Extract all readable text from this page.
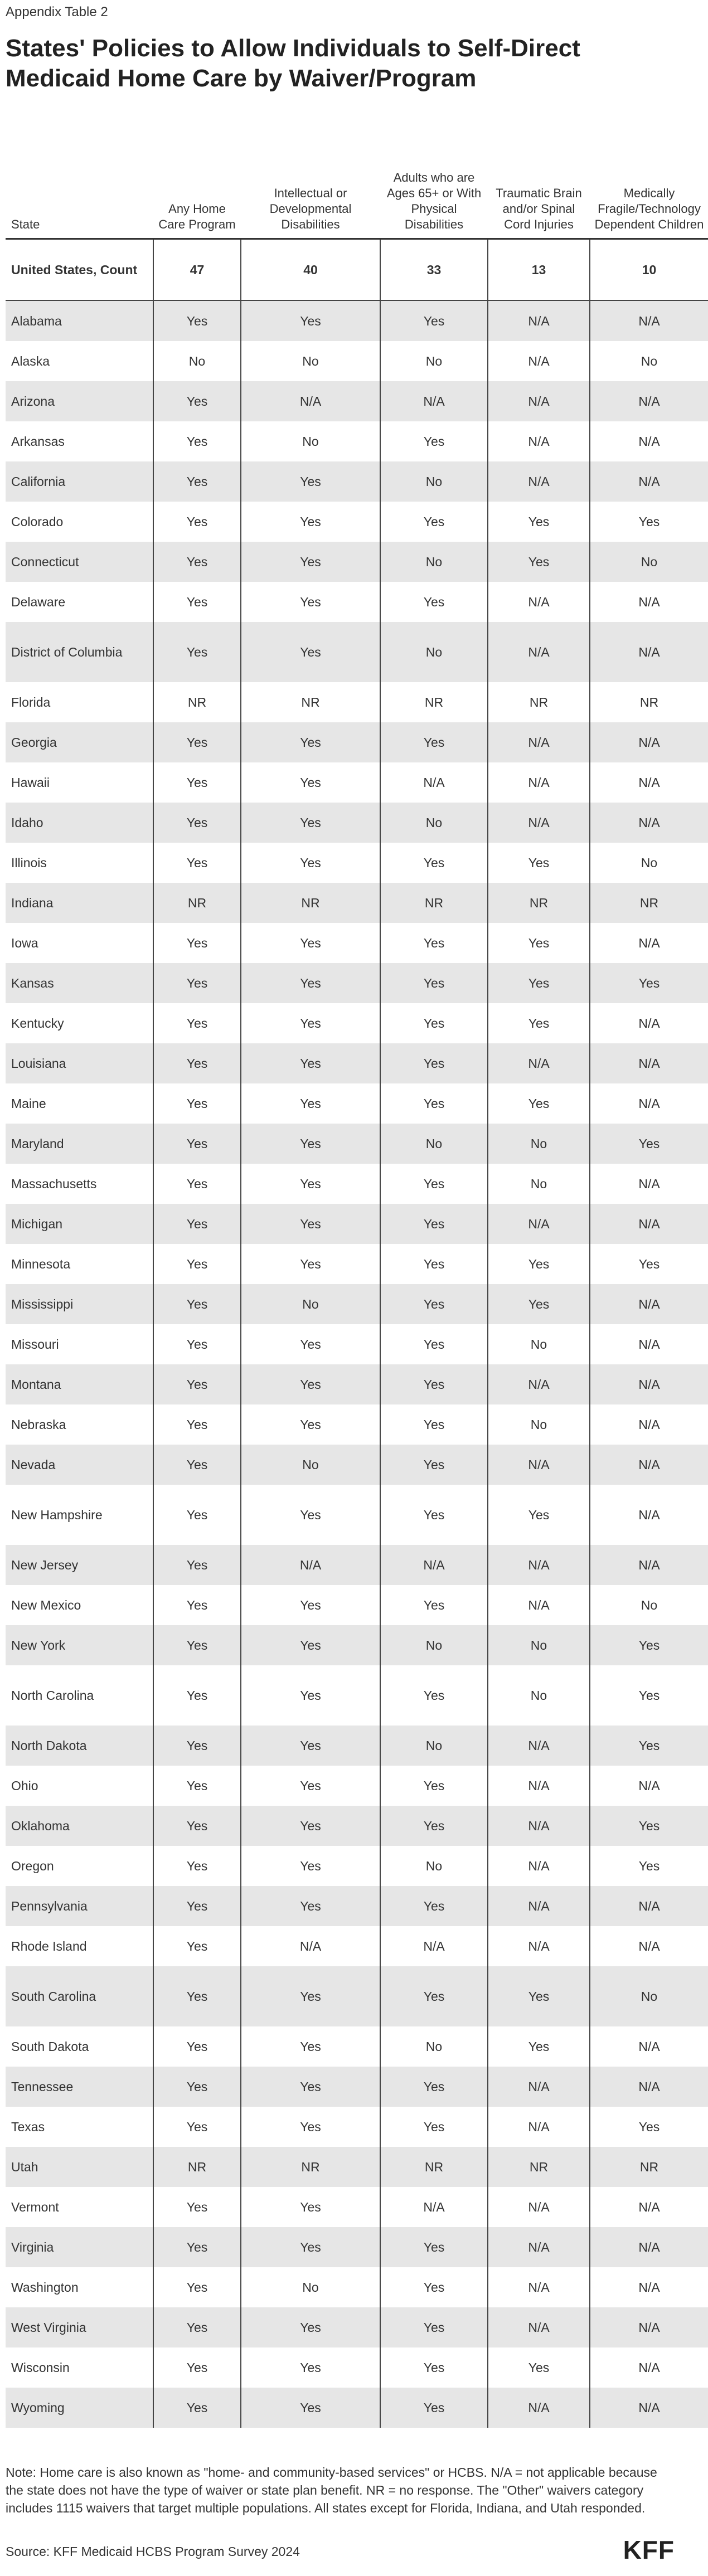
Appendix Table 2
States' Policies to Allow Individuals to Self-Direct Medicaid Home Care by Waiver/Program
State	Any Home Care Program	Intellectual or Developmental Disabilities	Adults who are Ages 65+ or With Physical Disabilities	Traumatic Brain and/or Spinal Cord Injuries	Medically Fragile/Technology Dependent Children
United States, Count	47	40	33	13	10
Alabama	Yes	Yes	Yes	N/A	N/A
Alaska	No	No	No	N/A	No
Arizona	Yes	N/A	N/A	N/A	N/A
Arkansas	Yes	No	Yes	N/A	N/A
California	Yes	Yes	No	N/A	N/A
Colorado	Yes	Yes	Yes	Yes	Yes
Connecticut	Yes	Yes	No	Yes	No
Delaware	Yes	Yes	Yes	N/A	N/A
District of Columbia	Yes	Yes	No	N/A	N/A
Florida	NR	NR	NR	NR	NR
Georgia	Yes	Yes	Yes	N/A	N/A
Hawaii	Yes	Yes	N/A	N/A	N/A
Idaho	Yes	Yes	No	N/A	N/A
Illinois	Yes	Yes	Yes	Yes	No
Indiana	NR	NR	NR	NR	NR
Iowa	Yes	Yes	Yes	Yes	N/A
Kansas	Yes	Yes	Yes	Yes	Yes
Kentucky	Yes	Yes	Yes	Yes	N/A
Louisiana	Yes	Yes	Yes	N/A	N/A
Maine	Yes	Yes	Yes	Yes	N/A
Maryland	Yes	Yes	No	No	Yes
Massachusetts	Yes	Yes	Yes	No	N/A
Michigan	Yes	Yes	Yes	N/A	N/A
Minnesota	Yes	Yes	Yes	Yes	Yes
Mississippi	Yes	No	Yes	Yes	N/A
Missouri	Yes	Yes	Yes	No	N/A
Montana	Yes	Yes	Yes	N/A	N/A
Nebraska	Yes	Yes	Yes	No	N/A
Nevada	Yes	No	Yes	N/A	N/A
New Hampshire	Yes	Yes	Yes	Yes	N/A
New Jersey	Yes	N/A	N/A	N/A	N/A
New Mexico	Yes	Yes	Yes	N/A	No
New York	Yes	Yes	No	No	Yes
North Carolina	Yes	Yes	Yes	No	Yes
North Dakota	Yes	Yes	No	N/A	Yes
Ohio	Yes	Yes	Yes	N/A	N/A
Oklahoma	Yes	Yes	Yes	N/A	Yes
Oregon	Yes	Yes	No	N/A	Yes
Pennsylvania	Yes	Yes	Yes	N/A	N/A
Rhode Island	Yes	N/A	N/A	N/A	N/A
South Carolina	Yes	Yes	Yes	Yes	No
South Dakota	Yes	Yes	No	Yes	N/A
Tennessee	Yes	Yes	Yes	N/A	N/A
Texas	Yes	Yes	Yes	N/A	Yes
Utah	NR	NR	NR	NR	NR
Vermont	Yes	Yes	N/A	N/A	N/A
Virginia	Yes	Yes	Yes	N/A	N/A
Washington	Yes	No	Yes	N/A	N/A
West Virginia	Yes	Yes	Yes	N/A	N/A
Wisconsin	Yes	Yes	Yes	Yes	N/A
Wyoming	Yes	Yes	Yes	N/A	N/A

Note: Home care is also known as "home- and community-based services" or HCBS. N/A = not applicable because the state does not have the type of waiver or state plan benefit. NR = no response. The "Other" waivers category includes 1115 waivers that target multiple populations. All states except for Florida, Indiana, and Utah responded.

Source: KFF Medicaid HCBS Program Survey 2024	KFF
